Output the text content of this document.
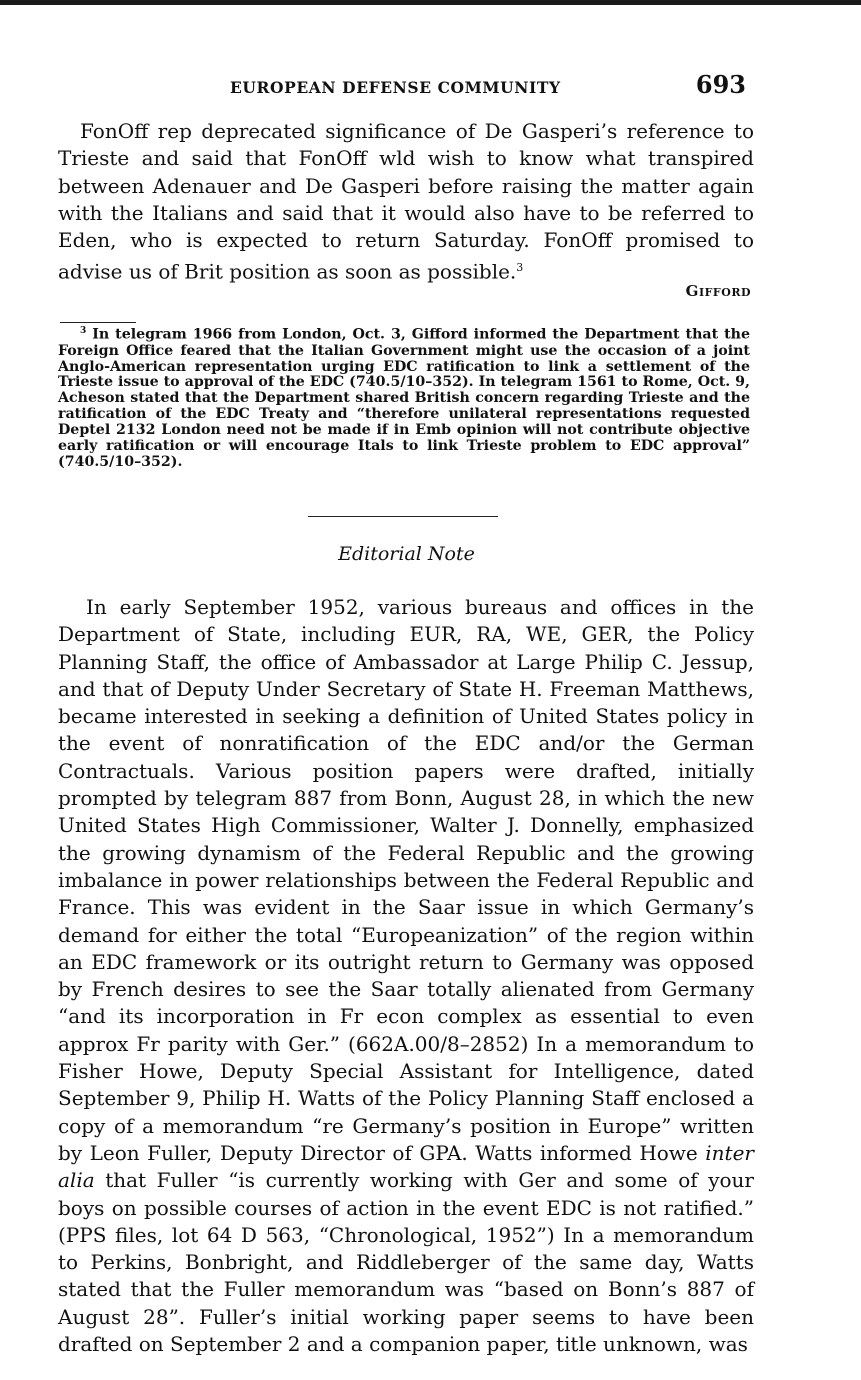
EUROPEAN DEFENSE COMMUNITY	693

FonOff rep deprecated significance of De Gasperi’s reference to Trieste and said that FonOff wld wish to know what transpired between Adenauer and De Gasperi before raising the matter again with the Italians and said that it would also have to be referred to Eden, who is expected to return Saturday. FonOff promised to advise us of Brit position as soon as possible.$^3$

Gifford

$^3$ In telegram 1966 from London, Oct. 3, Gifford informed the Department that the Foreign Office feared that the Italian Government might use the occasion of a joint Anglo-American representation urging EDC ratification to link a settlement of the Trieste issue to approval of the EDC (740.5/10–352). In telegram 1561 to Rome, Oct. 9, Acheson stated that the Department shared British concern regarding Trieste and the ratification of the EDC Treaty and “therefore unilateral representations requested Deptel 2132 London need not be made if in Emb opinion will not contribute objective early ratification or will encourage Itals to link Trieste problem to EDC approval” (740.5/10–352).

Editorial Note

In early September 1952, various bureaus and offices in the Department of State, including EUR, RA, WE, GER, the Policy Planning Staff, the office of Ambassador at Large Philip C. Jessup, and that of Deputy Under Secretary of State H. Freeman Matthews, became interested in seeking a definition of United States policy in the event of nonratification of the EDC and/or the German Contractuals. Various position papers were drafted, initially prompted by telegram 887 from Bonn, August 28, in which the new United States High Commissioner, Walter J. Donnelly, emphasized the growing dynamism of the Federal Republic and the growing imbalance in power relationships between the Federal Republic and France. This was evident in the Saar issue in which Germany’s demand for either the total “Europeanization” of the region within an EDC framework or its outright return to Germany was opposed by French desires to see the Saar totally alienated from Germany “and its incorporation in Fr econ complex as essential to even approx Fr parity with Ger.” (662A.00/8–2852) In a memorandum to Fisher Howe, Deputy Special Assistant for Intelligence, dated September 9, Philip H. Watts of the Policy Planning Staff enclosed a copy of a memorandum “re Germany’s position in Europe” written by Leon Fuller, Deputy Director of GPA. Watts informed Howe inter alia that Fuller “is currently working with Ger and some of your boys on possible courses of action in the event EDC is not ratified.” (PPS files, lot 64 D 563, “Chronological, 1952”) In a memorandum to Perkins, Bonbright, and Riddleberger of the same day, Watts stated that the Fuller memorandum was “based on Bonn’s 887 of August 28”. Fuller’s initial working paper seems to have been drafted on September 2 and a companion paper, title unknown, was
